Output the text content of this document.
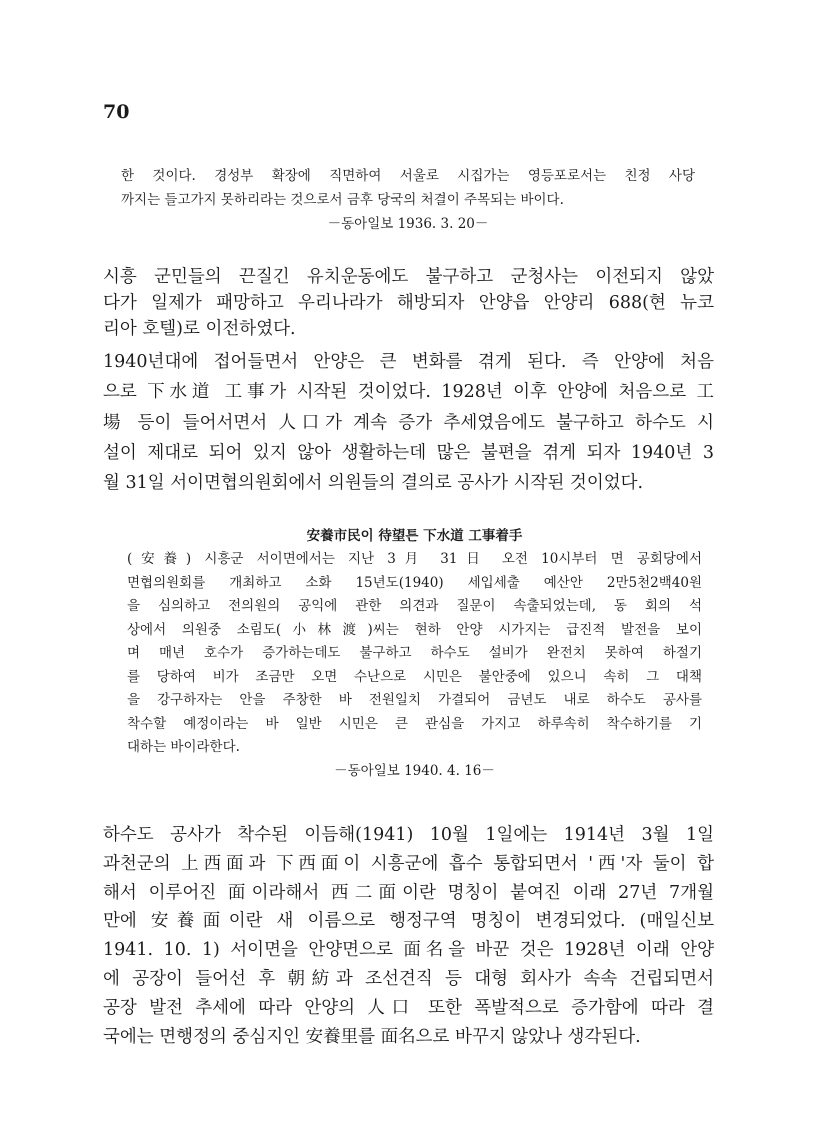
70
한 것이다. 경성부 확장에 직면하여 서울로 시집가는 영등포로서는 친정 사당
까지는 들고가지 못하리라는 것으로서 금후 당국의 처결이 주목되는 바이다.
－동아일보 1936. 3. 20－
시흥 군민들의 끈질긴 유치운동에도 불구하고 군청사는 이전되지 않았
다가 일제가 패망하고 우리나라가 해방되자 안양읍 안양리 688(현 뉴코
리아 호텔)로 이전하였다.
1940년대에 접어들면서 안양은 큰 변화를 겪게 된다. 즉 안양에 처음
으로 下水道 工事가 시작된 것이었다. 1928년 이후 안양에 처음으로 工
場 등이 들어서면서 人口가 계속 증가 추세였음에도 불구하고 하수도 시
설이 제대로 되어 있지 않아 생활하는데 많은 불편을 겪게 되자 1940년 3
월 31일 서이면협의원회에서 의원들의 결의로 공사가 시작된 것이었다.
安養市民이 待望튼 下水道 工事着手
(安養) 시흥군 서이면에서는 지난 3月 31日 오전 10시부터 면 공회당에서
면협의원회를 개최하고 소화 15년도(1940) 세입세출 예산안 2만5천2백40원
을 심의하고 전의원의 공익에 관한 의견과 질문이 속출되었는데, 동 회의 석
상에서 의원중 소림도(小林渡)씨는 현하 안양 시가지는 급진적 발전을 보이
며 매년 호수가 증가하는데도 불구하고 하수도 설비가 완전치 못하여 하절기
를 당하여 비가 조금만 오면 수난으로 시민은 불안중에 있으니 속히 그 대책
을 강구하자는 안을 주창한 바 전원일치 가결되어 금년도 내로 하수도 공사를
착수할 예정이라는 바 일반 시민은 큰 관심을 가지고 하루속히 착수하기를 기
대하는 바이라한다.
－동아일보 1940. 4. 16－
하수도 공사가 착수된 이듬해(1941) 10월 1일에는 1914년 3월 1일
과천군의 上西面과 下西面이 시흥군에 흡수 통합되면서 '西'자 둘이 합
해서 이루어진 面이라해서 西二面이란 명칭이 붙여진 이래 27년 7개월
만에 安養面이란 새 이름으로 행정구역 명칭이 변경되었다. (매일신보
1941. 10. 1) 서이면을 안양면으로 面名을 바꾼 것은 1928년 이래 안양
에 공장이 들어선 후 朝紡과 조선견직 등 대형 회사가 속속 건립되면서
공장 발전 추세에 따라 안양의 人口 또한 폭발적으로 증가함에 따라 결
국에는 면행정의 중심지인 安養里를 面名으로 바꾸지 않았나 생각된다.
